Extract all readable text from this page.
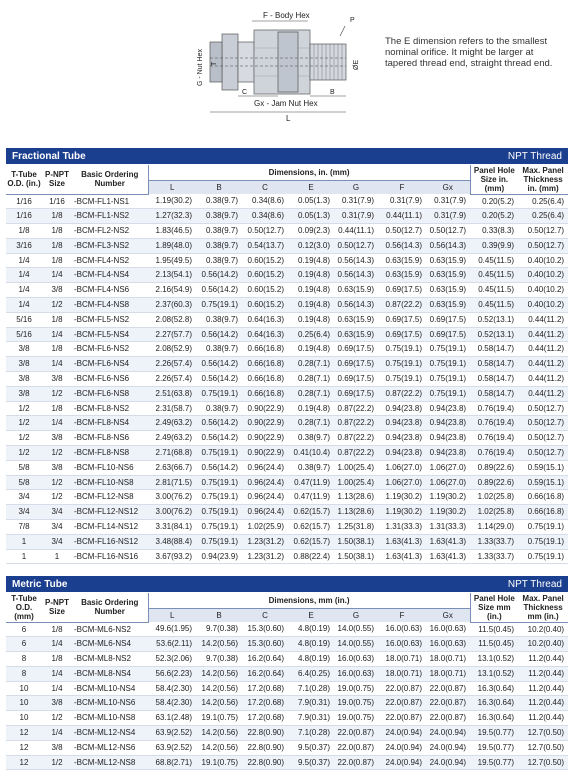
F - Body Hex
P
G - Nut Hex T	ØE
C	B
Gx - Jam Nut Hex
L
The E dimension refers to the smallest nominal orifice. It might be larger at tapered thread end, straight thread end.
Fractional Tube	NPT Thread
T-Tube O.D. (in.)	P-NPT Size	Basic Ordering Number	Dimensions, in. (mm)							Panel Hole Size in. (mm)	Max. Panel Thickness in. (mm)
			L	B	C	E	G	F	Gx		
1/16	1/16	-BCM-FL1-NS1	1.19(30.2)	0.38(9.7)	0.34(8.6)	0.05(1.3)	0.31(7.9)	0.31(7.9)	0.31(7.9)	0.20(5.2)	0.25(6.4)
1/16	1/8	-BCM-FL1-NS2	1.27(32.3)	0.38(9.7)	0.34(8.6)	0.05(1.3)	0.31(7.9)	0.44(11.1)	0.31(7.9)	0.20(5.2)	0.25(6.4)
1/8	1/8	-BCM-FL2-NS2	1.83(46.5)	0.38(9.7)	0.50(12.7)	0.09(2.3)	0.44(11.1)	0.50(12.7)	0.50(12.7)	0.33(8.3)	0.50(12.7)
3/16	1/8	-BCM-FL3-NS2	1.89(48.0)	0.38(9.7)	0.54(13.7)	0.12(3.0)	0.50(12.7)	0.56(14.3)	0.56(14.3)	0.39(9.9)	0.50(12.7)
1/4	1/8	-BCM-FL4-NS2	1.95(49.5)	0.38(9.7)	0.60(15.2)	0.19(4.8)	0.56(14.3)	0.63(15.9)	0.63(15.9)	0.45(11.5)	0.40(10.2)
1/4	1/4	-BCM-FL4-NS4	2.13(54.1)	0.56(14.2)	0.60(15.2)	0.19(4.8)	0.56(14.3)	0.63(15.9)	0.63(15.9)	0.45(11.5)	0.40(10.2)
1/4	3/8	-BCM-FL4-NS6	2.16(54.9)	0.56(14.2)	0.60(15.2)	0.19(4.8)	0.63(15.9)	0.69(17.5)	0.63(15.9)	0.45(11.5)	0.40(10.2)
1/4	1/2	-BCM-FL4-NS8	2.37(60.3)	0.75(19.1)	0.60(15.2)	0.19(4.8)	0.56(14.3)	0.87(22.2)	0.63(15.9)	0.45(11.5)	0.40(10.2)
5/16	1/8	-BCM-FL5-NS2	2.08(52.8)	0.38(9.7)	0.64(16.3)	0.19(4.8)	0.63(15.9)	0.69(17.5)	0.69(17.5)	0.52(13.1)	0.44(11.2)
5/16	1/4	-BCM-FL5-NS4	2.27(57.7)	0.56(14.2)	0.64(16.3)	0.25(6.4)	0.63(15.9)	0.69(17.5)	0.69(17.5)	0.52(13.1)	0.44(11.2)
3/8	1/8	-BCM-FL6-NS2	2.08(52.9)	0.38(9.7)	0.66(16.8)	0.19(4.8)	0.69(17.5)	0.75(19.1)	0.75(19.1)	0.58(14.7)	0.44(11.2)
3/8	1/4	-BCM-FL6-NS4	2.26(57.4)	0.56(14.2)	0.66(16.8)	0.28(7.1)	0.69(17.5)	0.75(19.1)	0.75(19.1)	0.58(14.7)	0.44(11.2)
3/8	3/8	-BCM-FL6-NS6	2.26(57.4)	0.56(14.2)	0.66(16.8)	0.28(7.1)	0.69(17.5)	0.75(19.1)	0.75(19.1)	0.58(14.7)	0.44(11.2)
3/8	1/2	-BCM-FL6-NS8	2.51(63.8)	0.75(19.1)	0.66(16.8)	0.28(7.1)	0.69(17.5)	0.87(22.2)	0.75(19.1)	0.58(14.7)	0.44(11.2)
1/2	1/8	-BCM-FL8-NS2	2.31(58.7)	0.38(9.7)	0.90(22.9)	0.19(4.8)	0.87(22.2)	0.94(23.8)	0.94(23.8)	0.76(19.4)	0.50(12.7)
1/2	1/4	-BCM-FL8-NS4	2.49(63.2)	0.56(14.2)	0.90(22.9)	0.28(7.1)	0.87(22.2)	0.94(23.8)	0.94(23.8)	0.76(19.4)	0.50(12.7)
1/2	3/8	-BCM-FL8-NS6	2.49(63.2)	0.56(14.2)	0.90(22.9)	0.38(9.7)	0.87(22.2)	0.94(23.8)	0.94(23.8)	0.76(19.4)	0.50(12.7)
1/2	1/2	-BCM-FL8-NS8	2.71(68.8)	0.75(19.1)	0.90(22.9)	0.41(10.4)	0.87(22.2)	0.94(23.8)	0.94(23.8)	0.76(19.4)	0.50(12.7)
5/8	3/8	-BCM-FL10-NS6	2.63(66.7)	0.56(14.2)	0.96(24.4)	0.38(9.7)	1.00(25.4)	1.06(27.0)	1.06(27.0)	0.89(22.6)	0.59(15.1)
5/8	1/2	-BCM-FL10-NS8	2.81(71.5)	0.75(19.1)	0.96(24.4)	0.47(11.9)	1.00(25.4)	1.06(27.0)	1.06(27.0)	0.89(22.6)	0.59(15.1)
3/4	1/2	-BCM-FL12-NS8	3.00(76.2)	0.75(19.1)	0.96(24.4)	0.47(11.9)	1.13(28.6)	1.19(30.2)	1.19(30.2)	1.02(25.8)	0.66(16.8)
3/4	3/4	-BCM-FL12-NS12	3.00(76.2)	0.75(19.1)	0.96(24.4)	0.62(15.7)	1.13(28.6)	1.19(30.2)	1.19(30.2)	1.02(25.8)	0.66(16.8)
7/8	3/4	-BCM-FL14-NS12	3.31(84.1)	0.75(19.1)	1.02(25.9)	0.62(15.7)	1.25(31.8)	1.31(33.3)	1.31(33.3)	1.14(29.0)	0.75(19.1)
1	3/4	-BCM-FL16-NS12	3.48(88.4)	0.75(19.1)	1.23(31.2)	0.62(15.7)	1.50(38.1)	1.63(41.3)	1.63(41.3)	1.33(33.7)	0.75(19.1)
1	1	-BCM-FL16-NS16	3.67(93.2)	0.94(23.9)	1.23(31.2)	0.88(22.4)	1.50(38.1)	1.63(41.3)	1.63(41.3)	1.33(33.7)	0.75(19.1)
Metric Tube	NPT Thread
T-Tube O.D. (mm)	P-NPT Size	Basic Ordering Number	Dimensions, mm (in.)							Panel Hole Size mm (in.)	Max. Panel Thickness mm (in.)
			L	B	C	E	G	F	Gx		
6	1/8	-BCM-ML6-NS2	49.6(1.95)	9.7(0.38)	15.3(0.60)	4.8(0.19)	14.0(0.55)	16.0(0.63)	16.0(0.63)	11.5(0.45)	10.2(0.40)
6	1/4	-BCM-ML6-NS4	53.6(2.11)	14.2(0.56)	15.3(0.60)	4.8(0.19)	14.0(0.55)	16.0(0.63)	16.0(0.63)	11.5(0.45)	10.2(0.40)
8	1/8	-BCM-ML8-NS2	52.3(2.06)	9.7(0.38)	16.2(0.64)	4.8(0.19)	16.0(0.63)	18.0(0.71)	18.0(0.71)	13.1(0.52)	11.2(0.44)
8	1/4	-BCM-ML8-NS4	56.6(2.23)	14.2(0.56)	16.2(0.64)	6.4(0.25)	16.0(0.63)	18.0(0.71)	18.0(0.71)	13.1(0.52)	11.2(0.44)
10	1/4	-BCM-ML10-NS4	58.4(2.30)	14.2(0.56)	17.2(0.68)	7.1(0.28)	19.0(0.75)	22.0(0.87)	22.0(0.87)	16.3(0.64)	11.2(0.44)
10	3/8	-BCM-ML10-NS6	58.4(2.30)	14.2(0.56)	17.2(0.68)	7.9(0.31)	19.0(0.75)	22.0(0.87)	22.0(0.87)	16.3(0.64)	11.2(0.44)
10	1/2	-BCM-ML10-NS8	63.1(2.48)	19.1(0.75)	17.2(0.68)	7.9(0.31)	19.0(0.75)	22.0(0.87)	22.0(0.87)	16.3(0.64)	11.2(0.44)
12	1/4	-BCM-ML12-NS4	63.9(2.52)	14.2(0.56)	22.8(0.90)	7.1(0.28)	22.0(0.87)	24.0(0.94)	24.0(0.94)	19.5(0.77)	12.7(0.50)
12	3/8	-BCM-ML12-NS6	63.9(2.52)	14.2(0.56)	22.8(0.90)	9.5(0.37)	22.0(0.87)	24.0(0.94)	24.0(0.94)	19.5(0.77)	12.7(0.50)
12	1/2	-BCM-ML12-NS8	68.8(2.71)	19.1(0.75)	22.8(0.90)	9.5(0.37)	22.0(0.87)	24.0(0.94)	24.0(0.94)	19.5(0.77)	12.7(0.50)
